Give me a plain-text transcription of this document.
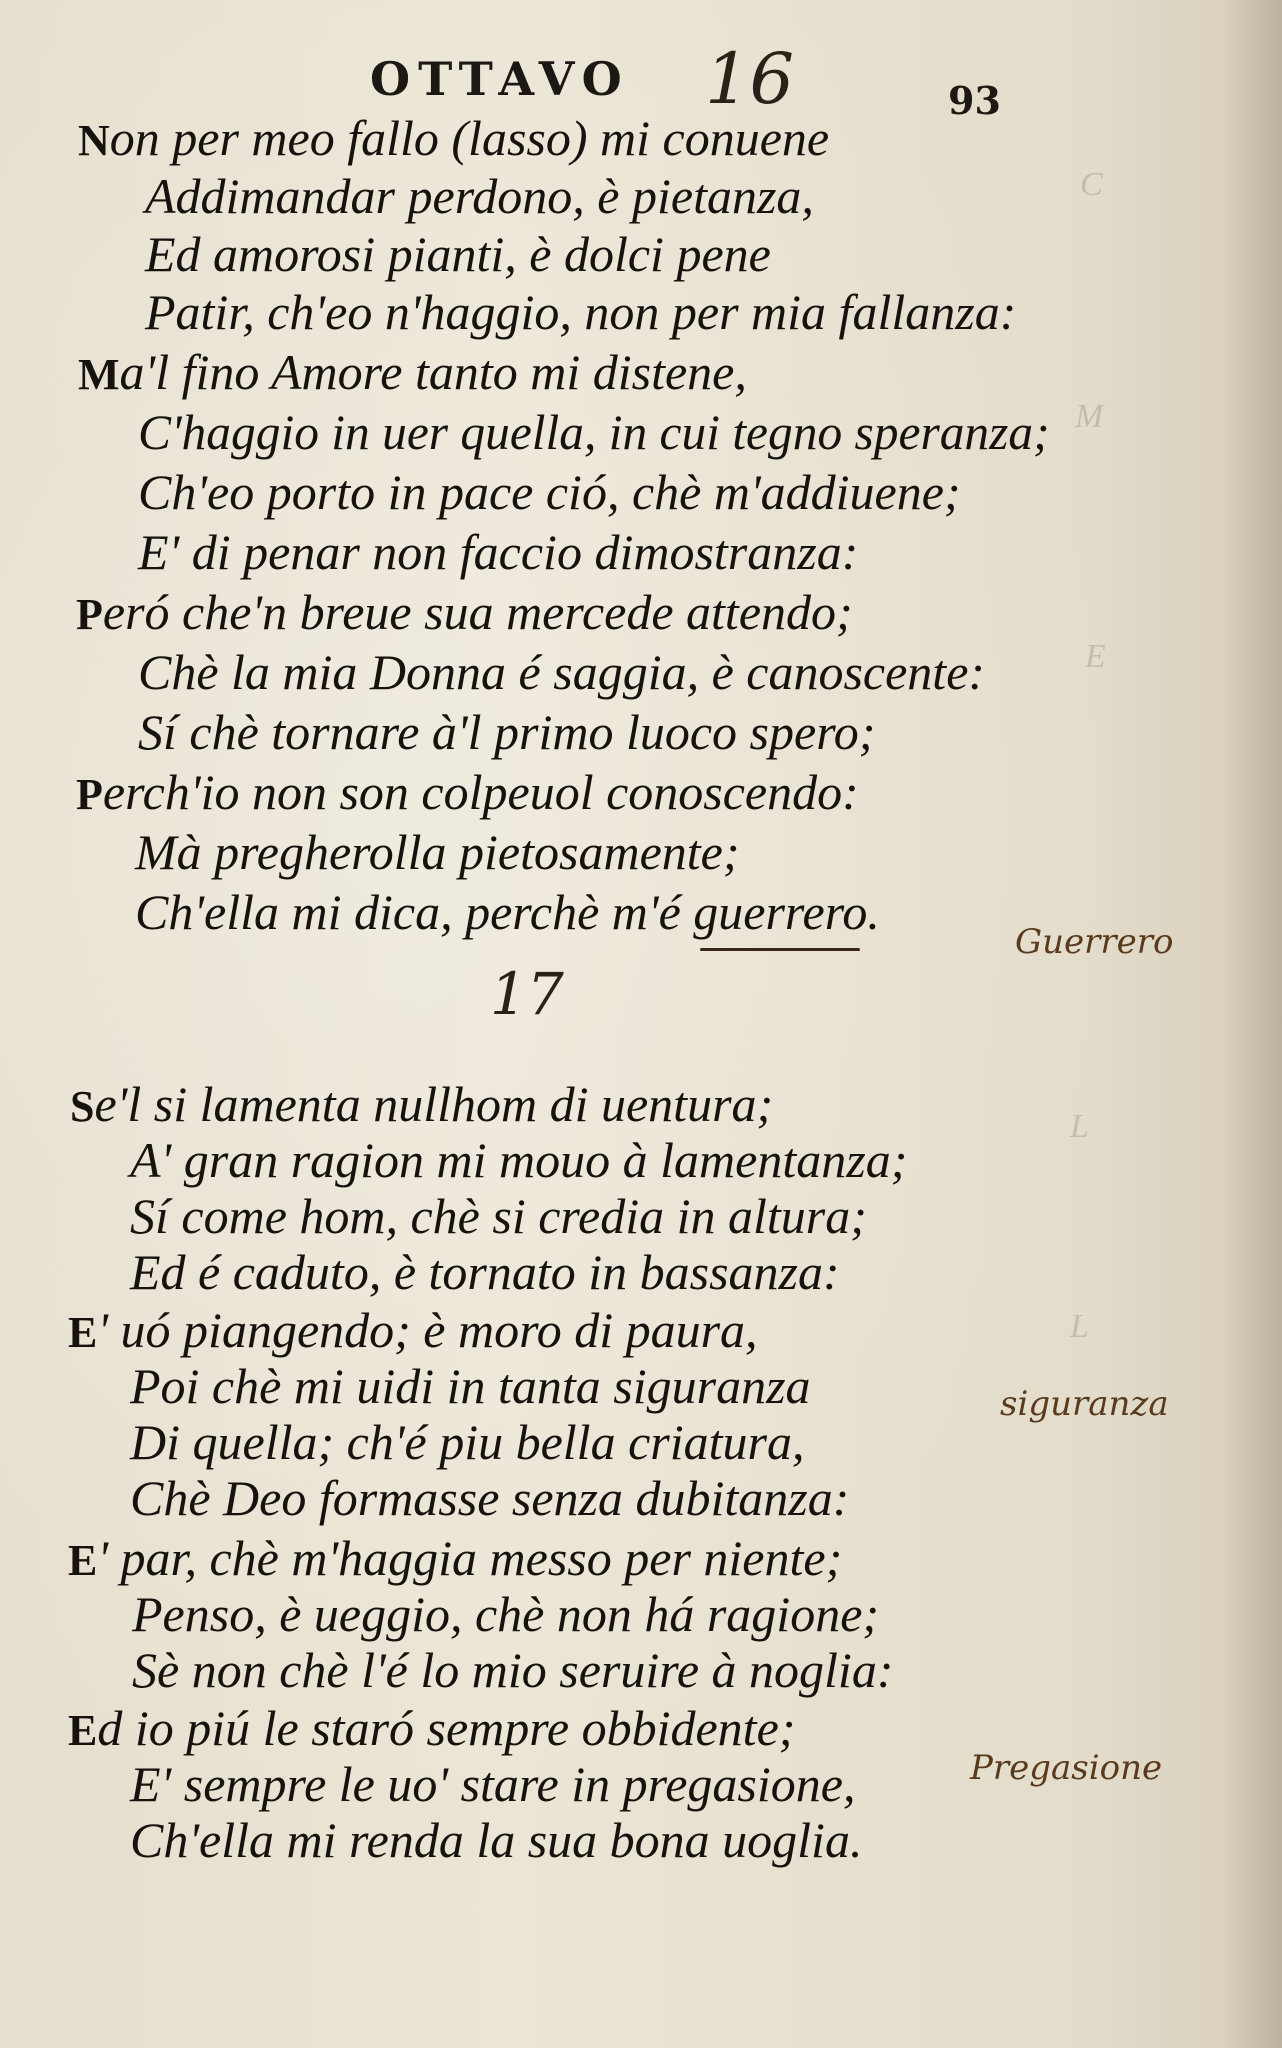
C
M
E
L
L
OTTAVO 16	93
Non per meo fallo (lasso) mi conuene
Addimandar perdono, è pietanza,
Ed amorosi pianti, è dolci pene
Patir, ch'eo n'haggio, non per mia fallanza:
Ma'l fino Amore tanto mi distene,
C'haggio in uer quella, in cui tegno speranza;
Ch'eo porto in pace ció, chè m'addiuene;
E' di penar non faccio dimostranza:
Peró che'n breue sua mercede attendo;
Chè la mia Donna é saggia, è canoscente:
Sí chè tornare à'l primo luoco spero;
Perch'io non son colpeuol conoscendo:
Mà pregherolla pietosamente;
Ch'ella mi dica, perchè m'é guerrero.
17
Se'l si lamenta nullhom di uentura;
A' gran ragion mi mouo à lamentanza;
Sí come hom, chè si credia in altura;
Ed é caduto, è tornato in bassanza:
E' uó piangendo; è moro di paura,
Poi chè mi uidi in tanta siguranza
Di quella; ch'é piu bella criatura,
Chè Deo formasse senza dubitanza:
E' par, chè m'haggia messo per niente;
Penso, è ueggio, chè non há ragione;
Sè non chè l'é lo mio seruire à noglia:
Ed io piú le staró sempre obbidente;
E' sempre le uo' stare in pregasione,
Ch'ella mi renda la sua bona uoglia.
Guerrero
siguranza
Pregasione
